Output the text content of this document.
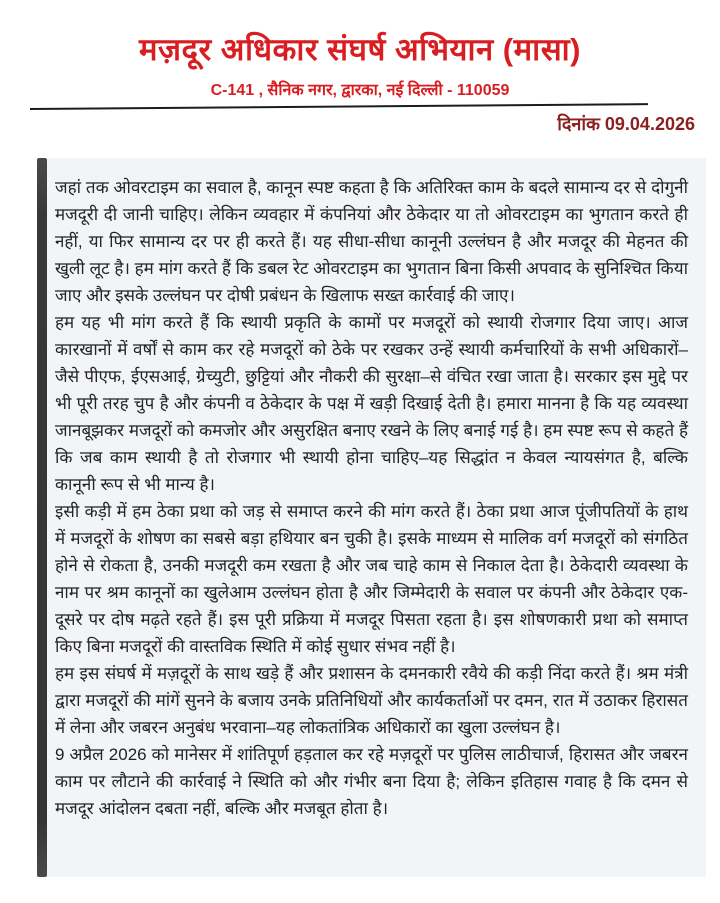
मज़दूर अधिकार संघर्ष अभियान (मासा)
C-141 , सैनिक नगर, द्वारका, नई दिल्ली - 110059
दिनांक 09.04.2026

जहां तक ओवरटाइम का सवाल है, कानून स्पष्ट कहता है कि अतिरिक्त काम के बदले सामान्य दर से दोगुनी मजदूरी दी जानी चाहिए। लेकिन व्यवहार में कंपनियां और ठेकेदार या तो ओवरटाइम का भुगतान करते ही नहीं, या फिर सामान्य दर पर ही करते हैं। यह सीधा-सीधा कानूनी उल्लंघन है और मजदूर की मेहनत की खुली लूट है। हम मांग करते हैं कि डबल रेट ओवरटाइम का भुगतान बिना किसी अपवाद के सुनिश्चित किया जाए और इसके उल्लंघन पर दोषी प्रबंधन के खिलाफ सख्त कार्रवाई की जाए।

हम यह भी मांग करते हैं कि स्थायी प्रकृति के कामों पर मजदूरों को स्थायी रोजगार दिया जाए। आज कारखानों में वर्षों से काम कर रहे मजदूरों को ठेके पर रखकर उन्हें स्थायी कर्मचारियों के सभी अधिकारों–जैसे पीएफ, ईएसआई, ग्रेच्युटी, छुट्टियां और नौकरी की सुरक्षा–से वंचित रखा जाता है। सरकार इस मुद्दे पर भी पूरी तरह चुप है और कंपनी व ठेकेदार के पक्ष में खड़ी दिखाई देती है। हमारा मानना है कि यह व्यवस्था जानबूझकर मजदूरों को कमजोर और असुरक्षित बनाए रखने के लिए बनाई गई है। हम स्पष्ट रूप से कहते हैं कि जब काम स्थायी है तो रोजगार भी स्थायी होना चाहिए–यह सिद्धांत न केवल न्यायसंगत है, बल्कि कानूनी रूप से भी मान्य है।

इसी कड़ी में हम ठेका प्रथा को जड़ से समाप्त करने की मांग करते हैं। ठेका प्रथा आज पूंजीपतियों के हाथ में मजदूरों के शोषण का सबसे बड़ा हथियार बन चुकी है। इसके माध्यम से मालिक वर्ग मजदूरों को संगठित होने से रोकता है, उनकी मजदूरी कम रखता है और जब चाहे काम से निकाल देता है। ठेकेदारी व्यवस्था के नाम पर श्रम कानूनों का खुलेआम उल्लंघन होता है और जिम्मेदारी के सवाल पर कंपनी और ठेकेदार एक-दूसरे पर दोष मढ़ते रहते हैं। इस पूरी प्रक्रिया में मजदूर पिसता रहता है। इस शोषणकारी प्रथा को समाप्त किए बिना मजदूरों की वास्तविक स्थिति में कोई सुधार संभव नहीं है।

हम इस संघर्ष में मज़दूरों के साथ खड़े हैं और प्रशासन के दमनकारी रवैये की कड़ी निंदा करते हैं। श्रम मंत्री द्वारा मजदूरों की मांगें सुनने के बजाय उनके प्रतिनिधियों और कार्यकर्ताओं पर दमन, रात में उठाकर हिरासत में लेना और जबरन अनुबंध भरवाना–यह लोकतांत्रिक अधिकारों का खुला उल्लंघन है।

9 अप्रैल 2026 को मानेसर में शांतिपूर्ण हड़ताल कर रहे मज़दूरों पर पुलिस लाठीचार्ज, हिरासत और जबरन काम पर लौटाने की कार्रवाई ने स्थिति को और गंभीर बना दिया है; लेकिन इतिहास गवाह है कि दमन से मजदूर आंदोलन दबता नहीं, बल्कि और मजबूत होता है।
